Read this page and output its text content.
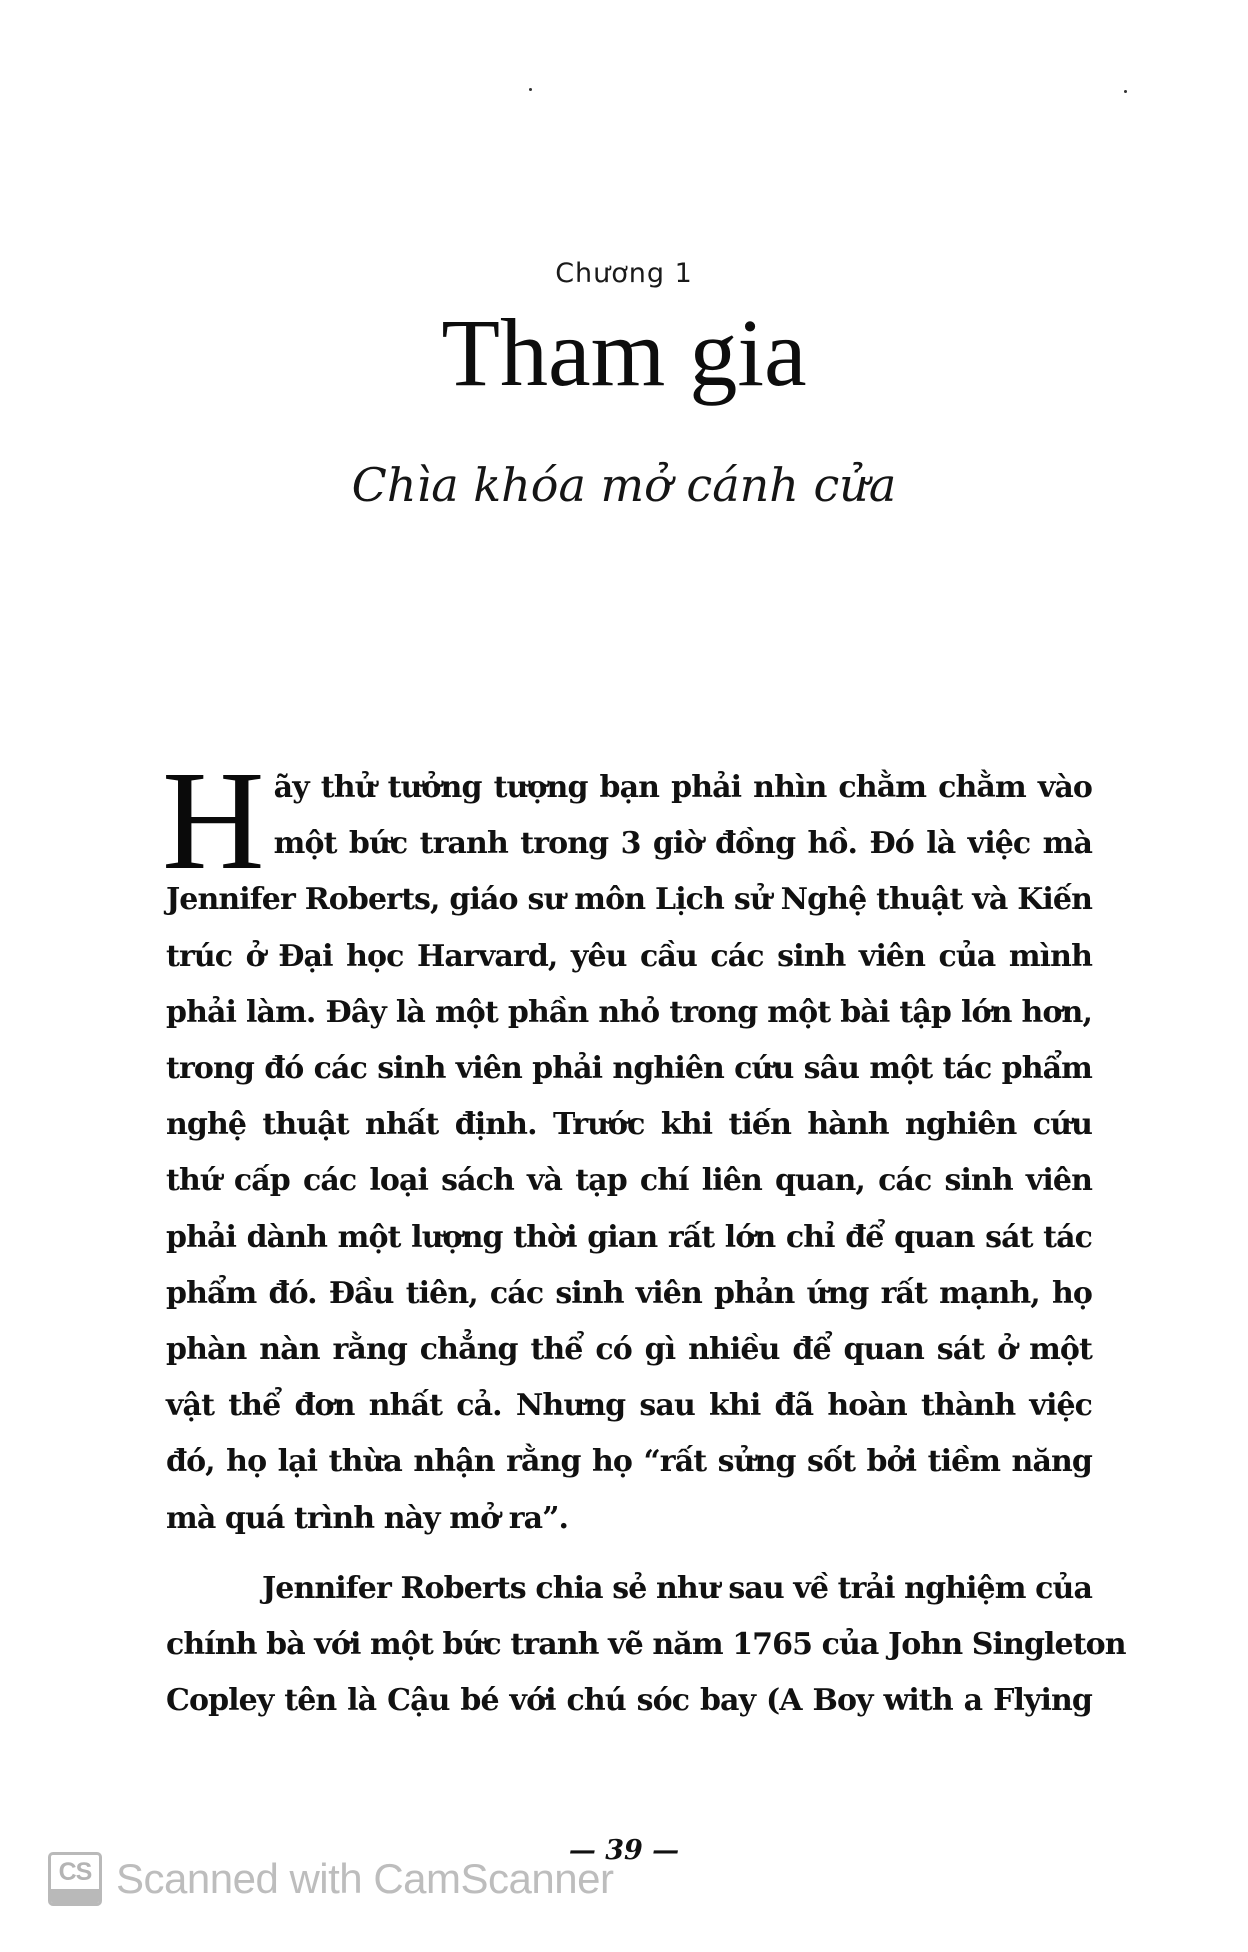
Chương 1
Tham gia
Chìa khóa mở cánh cửa

H ãy thử tưởng tượng bạn phải nhìn chằm chằm vào
một bức tranh trong 3 giờ đồng hồ. Đó là việc mà
Jennifer Roberts, giáo sư môn Lịch sử Nghệ thuật và Kiến
trúc ở Đại học Harvard, yêu cầu các sinh viên của mình
phải làm. Đây là một phần nhỏ trong một bài tập lớn hơn,
trong đó các sinh viên phải nghiên cứu sâu một tác phẩm
nghệ thuật nhất định. Trước khi tiến hành nghiên cứu
thứ cấp các loại sách và tạp chí liên quan, các sinh viên
phải dành một lượng thời gian rất lớn chỉ để quan sát tác
phẩm đó. Đầu tiên, các sinh viên phản ứng rất mạnh, họ
phàn nàn rằng chẳng thể có gì nhiều để quan sát ở một
vật thể đơn nhất cả. Nhưng sau khi đã hoàn thành việc
đó, họ lại thừa nhận rằng họ “rất sửng sốt bởi tiềm năng
mà quá trình này mở ra”.

Jennifer Roberts chia sẻ như sau về trải nghiệm của
chính bà với một bức tranh vẽ năm 1765 của John Singleton
Copley tên là Cậu bé với chú sóc bay (A Boy with a Flying

— 39 —
CS Scanned with CamScanner
